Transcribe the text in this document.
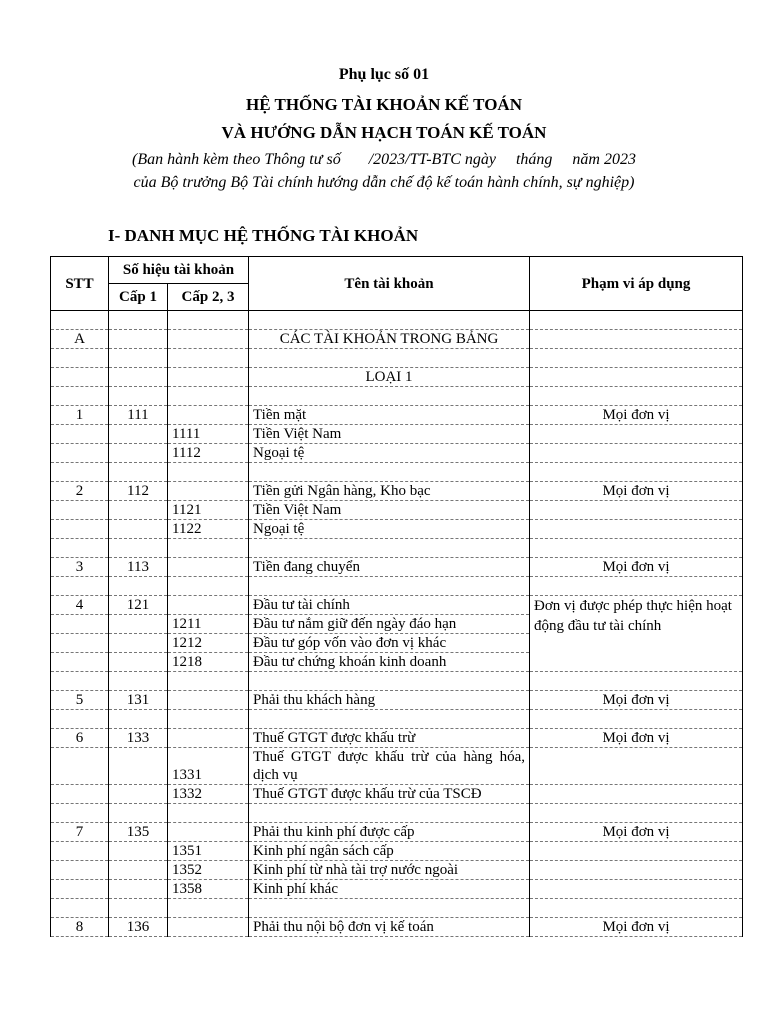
Phụ lục số 01
HỆ THỐNG TÀI KHOẢN KẾ TOÁN
VÀ HƯỚNG DẪN HẠCH TOÁN KẾ TOÁN
(Ban hành kèm theo Thông tư số       /2023/TT-BTC ngày     tháng     năm 2023
của Bộ trưởng Bộ Tài chính hướng dẫn chế độ kế toán hành chính, sự nghiệp)
I- DANH MỤC HỆ THỐNG TÀI KHOẢN
STT	Số hiệu tài khoản		Tên tài khoản	Phạm vi áp dụng
	Cấp 1	Cấp 2, 3		

A			CÁC TÀI KHOẢN TRONG BẢNG	

			LOẠI 1	

1	111		Tiền mặt	Mọi đơn vị
		1111	Tiền Việt Nam	
		1112	Ngoại tệ	

2	112		Tiền gửi Ngân hàng, Kho bạc	Mọi đơn vị
		1121	Tiền Việt Nam	
		1122	Ngoại tệ	

3	113		Tiền đang chuyển	Mọi đơn vị

4	121		Đầu tư tài chính	Đơn vị được phép thực hiện hoạt động đầu tư tài chính
		1211	Đầu tư nắm giữ đến ngày đáo hạn	
		1212	Đầu tư góp vốn vào đơn vị khác	
		1218	Đầu tư chứng khoán kinh doanh	

5	131		Phải thu khách hàng	Mọi đơn vị

6	133		Thuế GTGT được khấu trừ	Mọi đơn vị
		1331	Thuế GTGT được khấu trừ của hàng hóa, dịch vụ	
		1332	Thuế GTGT được khấu trừ của TSCĐ	

7	135		Phải thu kinh phí được cấp	Mọi đơn vị
		1351	Kinh phí ngân sách cấp	
		1352	Kinh phí từ nhà tài trợ nước ngoài	
		1358	Kinh phí khác	

8	136		Phải thu nội bộ đơn vị kế toán	Mọi đơn vị
